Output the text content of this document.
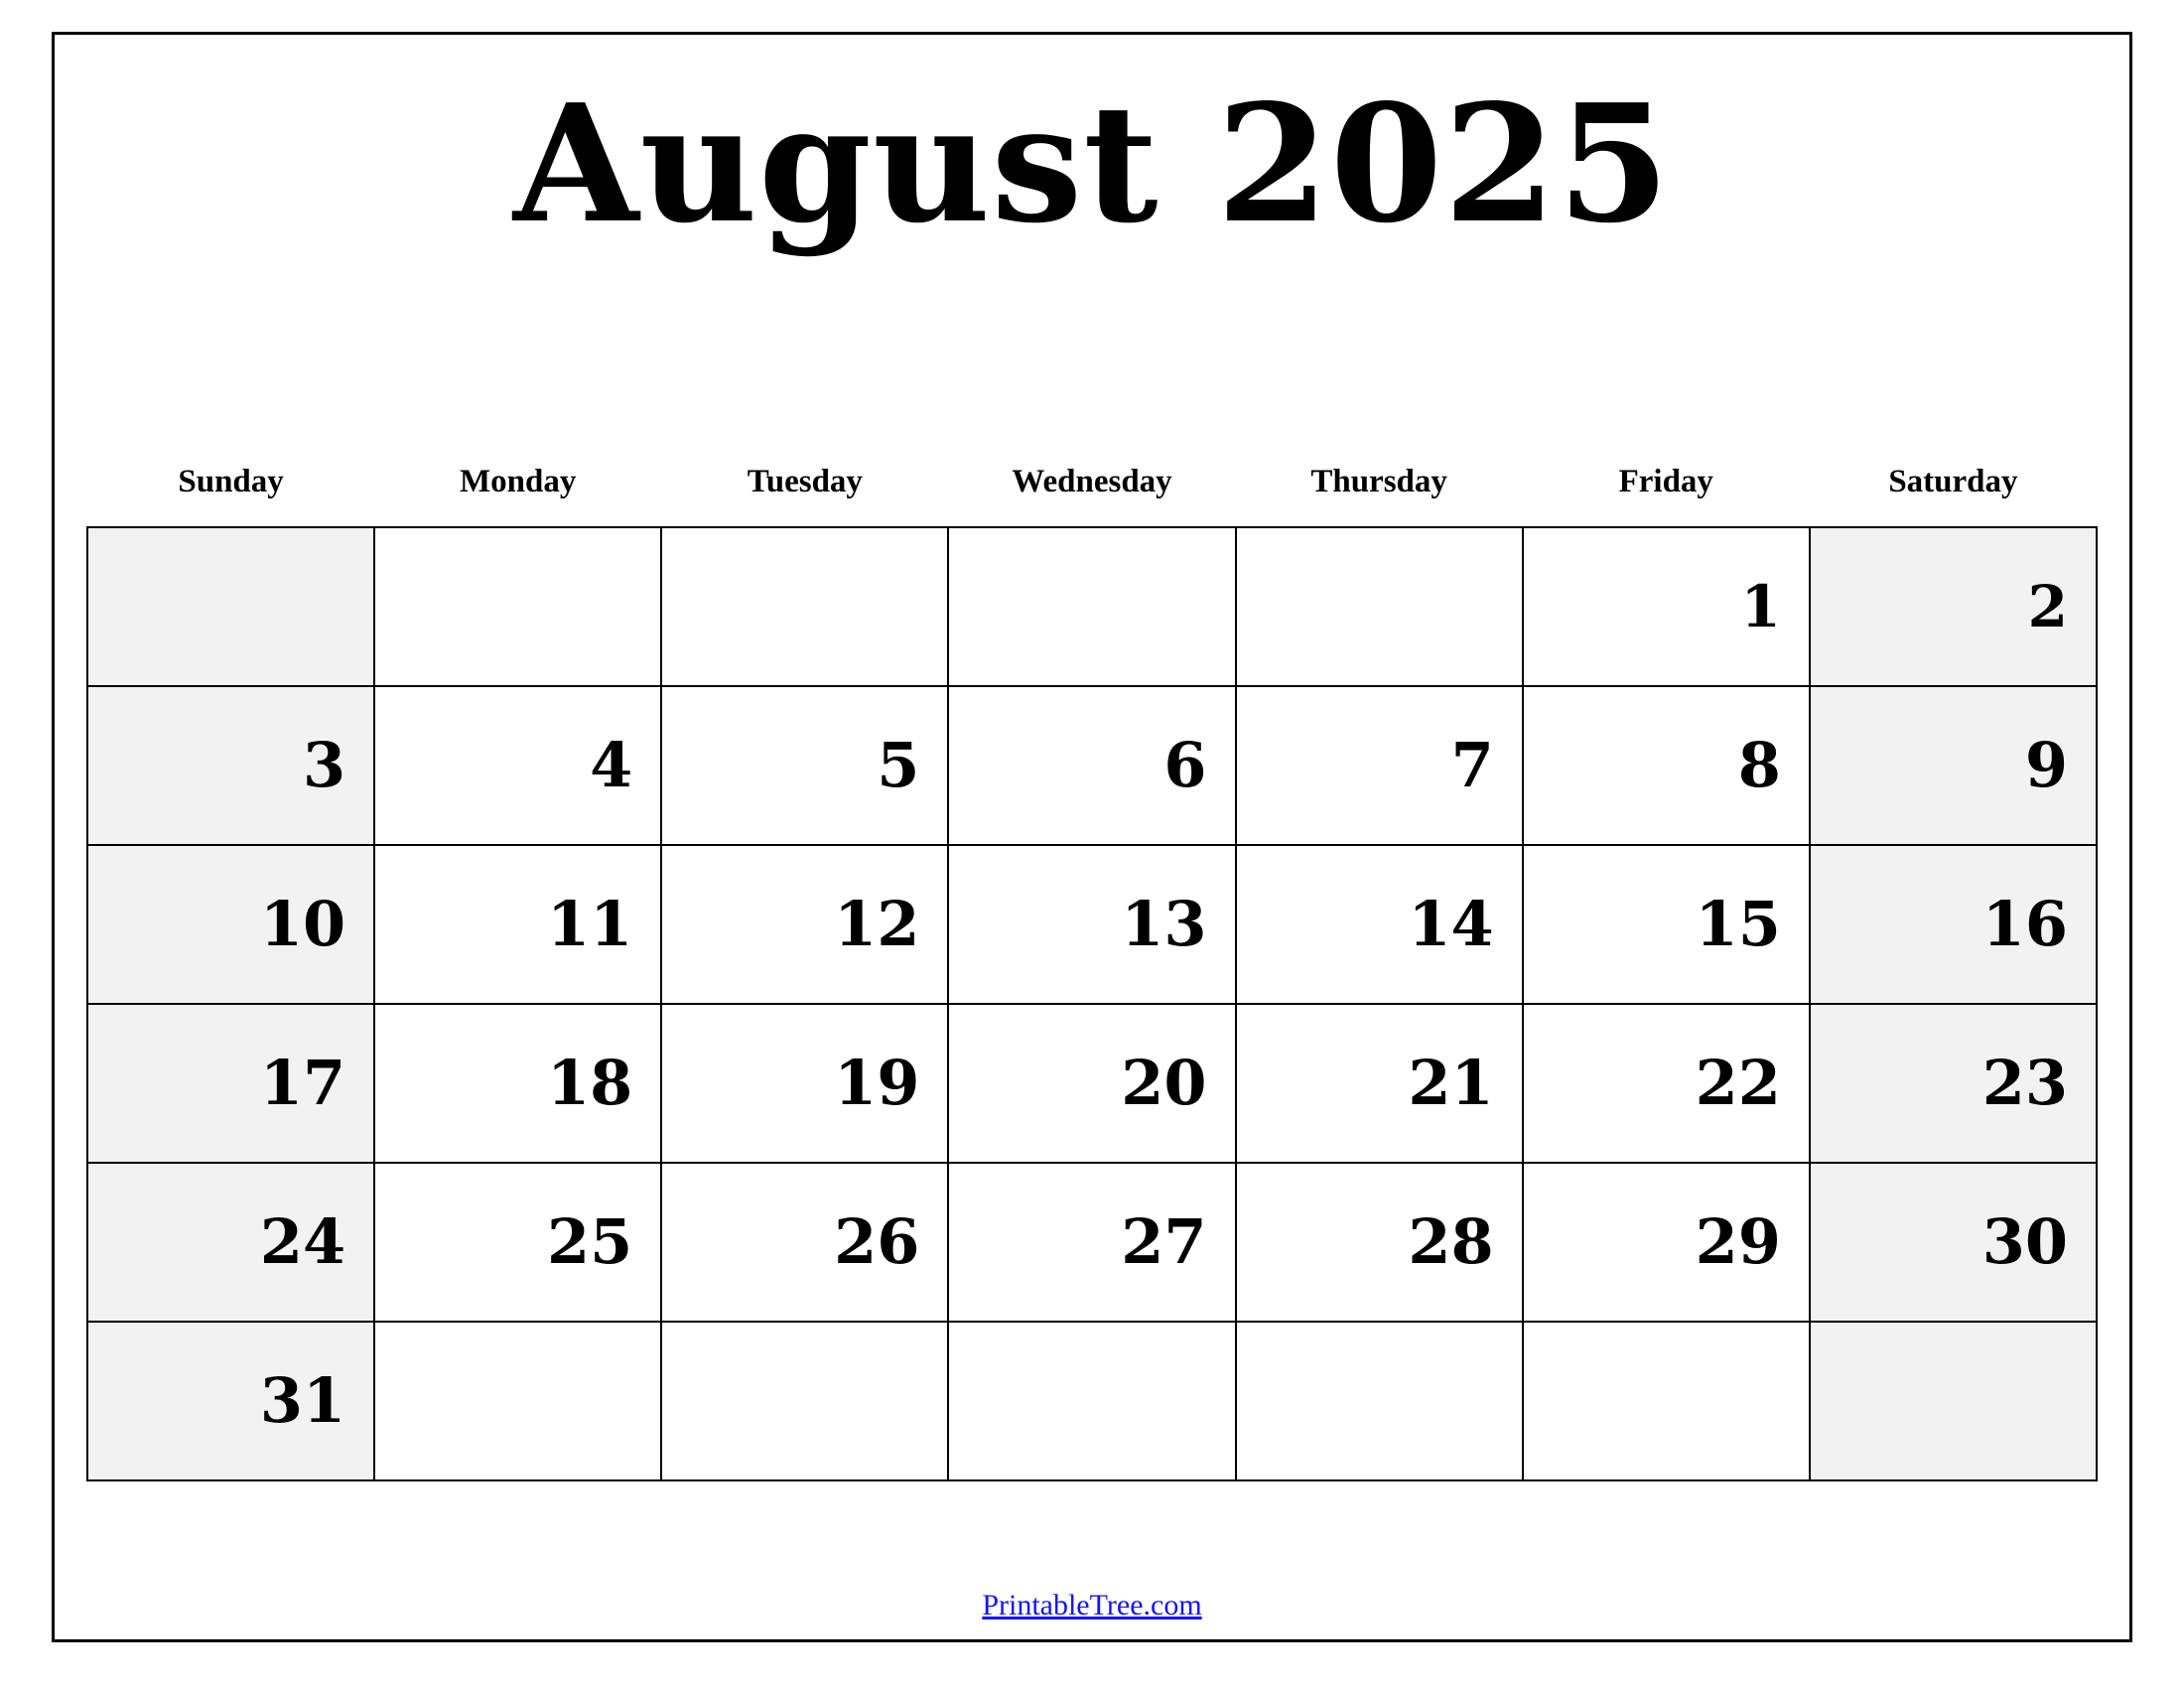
August 2025
Sunday	Monday	Tuesday	Wednesday	Thursday	Friday	Saturday

					1	2

3	4	5	6	7	8	9

10	11	12	13	14	15	16

17	18	19	20	21	22	23

24	25	26	27	28	29	30

31						

PrintableTree.com
